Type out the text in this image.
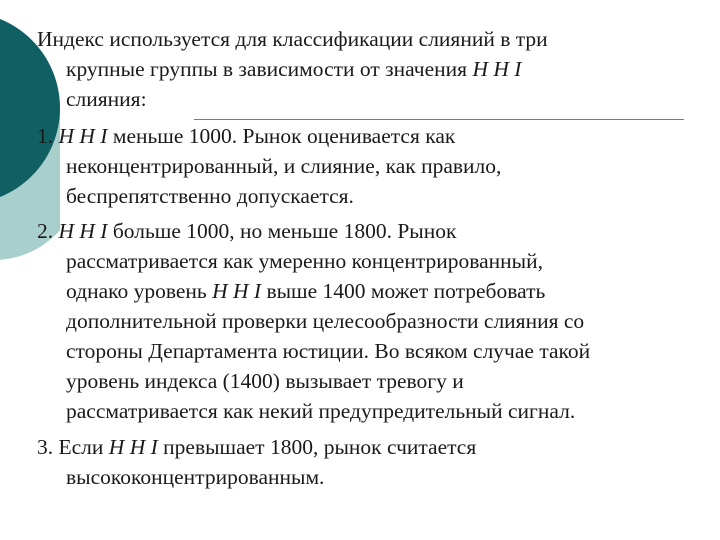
Индекс используется для классификации слияний в три
крупные группы в зависимости от значения Н Н I
слияния:
1. Н Н I меньше 1000. Рынок оценивается как
неконцентрированный, и слияние, как правило,
беспрепятственно допускается.
2. Н Н I больше 1000, но меньше 1800. Рынок
рассматривается как умеренно концентрированный,
однако уровень Н Н I выше 1400 может потребовать
дополнительной проверки целесообразности слияния со
стороны Департамента юстиции. Во всяком случае такой
уровень индекса (1400) вызывает тревогу и
рассматривается как некий предупредительный сигнал.
3. Если Н Н I превышает 1800, рынок считается
высококонцентрированным.
